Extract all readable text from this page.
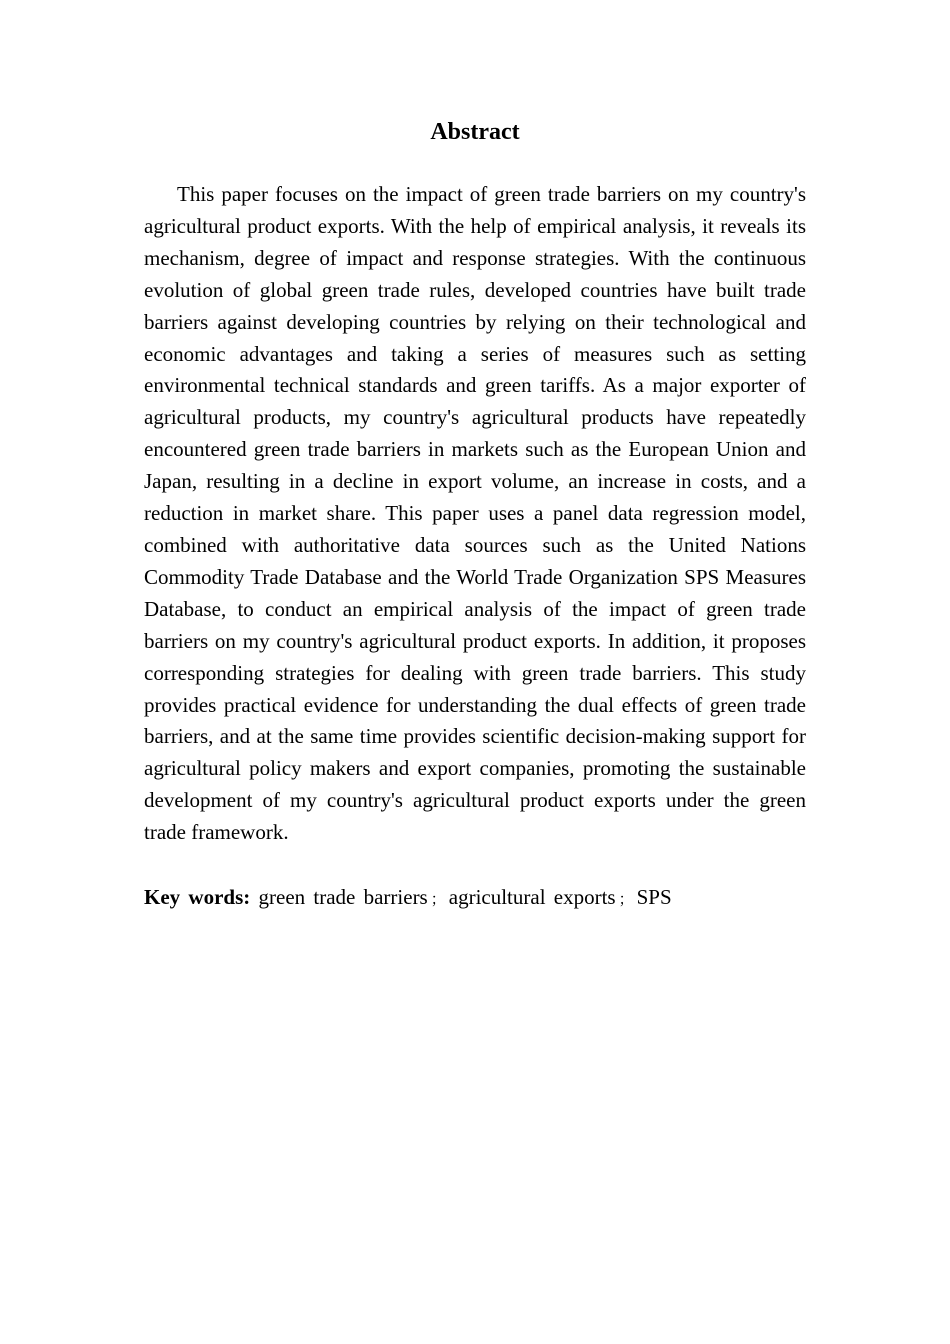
Abstract

This paper focuses on the impact of green trade barriers on my country's agricultural product exports. With the help of empirical analysis, it reveals its mechanism, degree of impact and response strategies. With the continuous evolution of global green trade rules, developed countries have built trade barriers against developing countries by relying on their technological and economic advantages and taking a series of measures such as setting environmental technical standards and green tariffs. As a major exporter of agricultural products, my country's agricultural products have repeatedly encountered green trade barriers in markets such as the European Union and Japan, resulting in a decline in export volume, an increase in costs, and a reduction in market share. This paper uses a panel data regression model, combined with authoritative data sources such as the United Nations Commodity Trade Database and the World Trade Organization SPS Measures Database, to conduct an empirical analysis of the impact of green trade barriers on my country's agricultural product exports. In addition, it proposes corresponding strategies for dealing with green trade barriers. This study provides practical evidence for understanding the dual effects of green trade barriers, and at the same time provides scientific decision-making support for agricultural policy makers and export companies, promoting the sustainable development of my country's agricultural product exports under the green trade framework.

Key words: green trade barriers ； agricultural exports ； SPS
